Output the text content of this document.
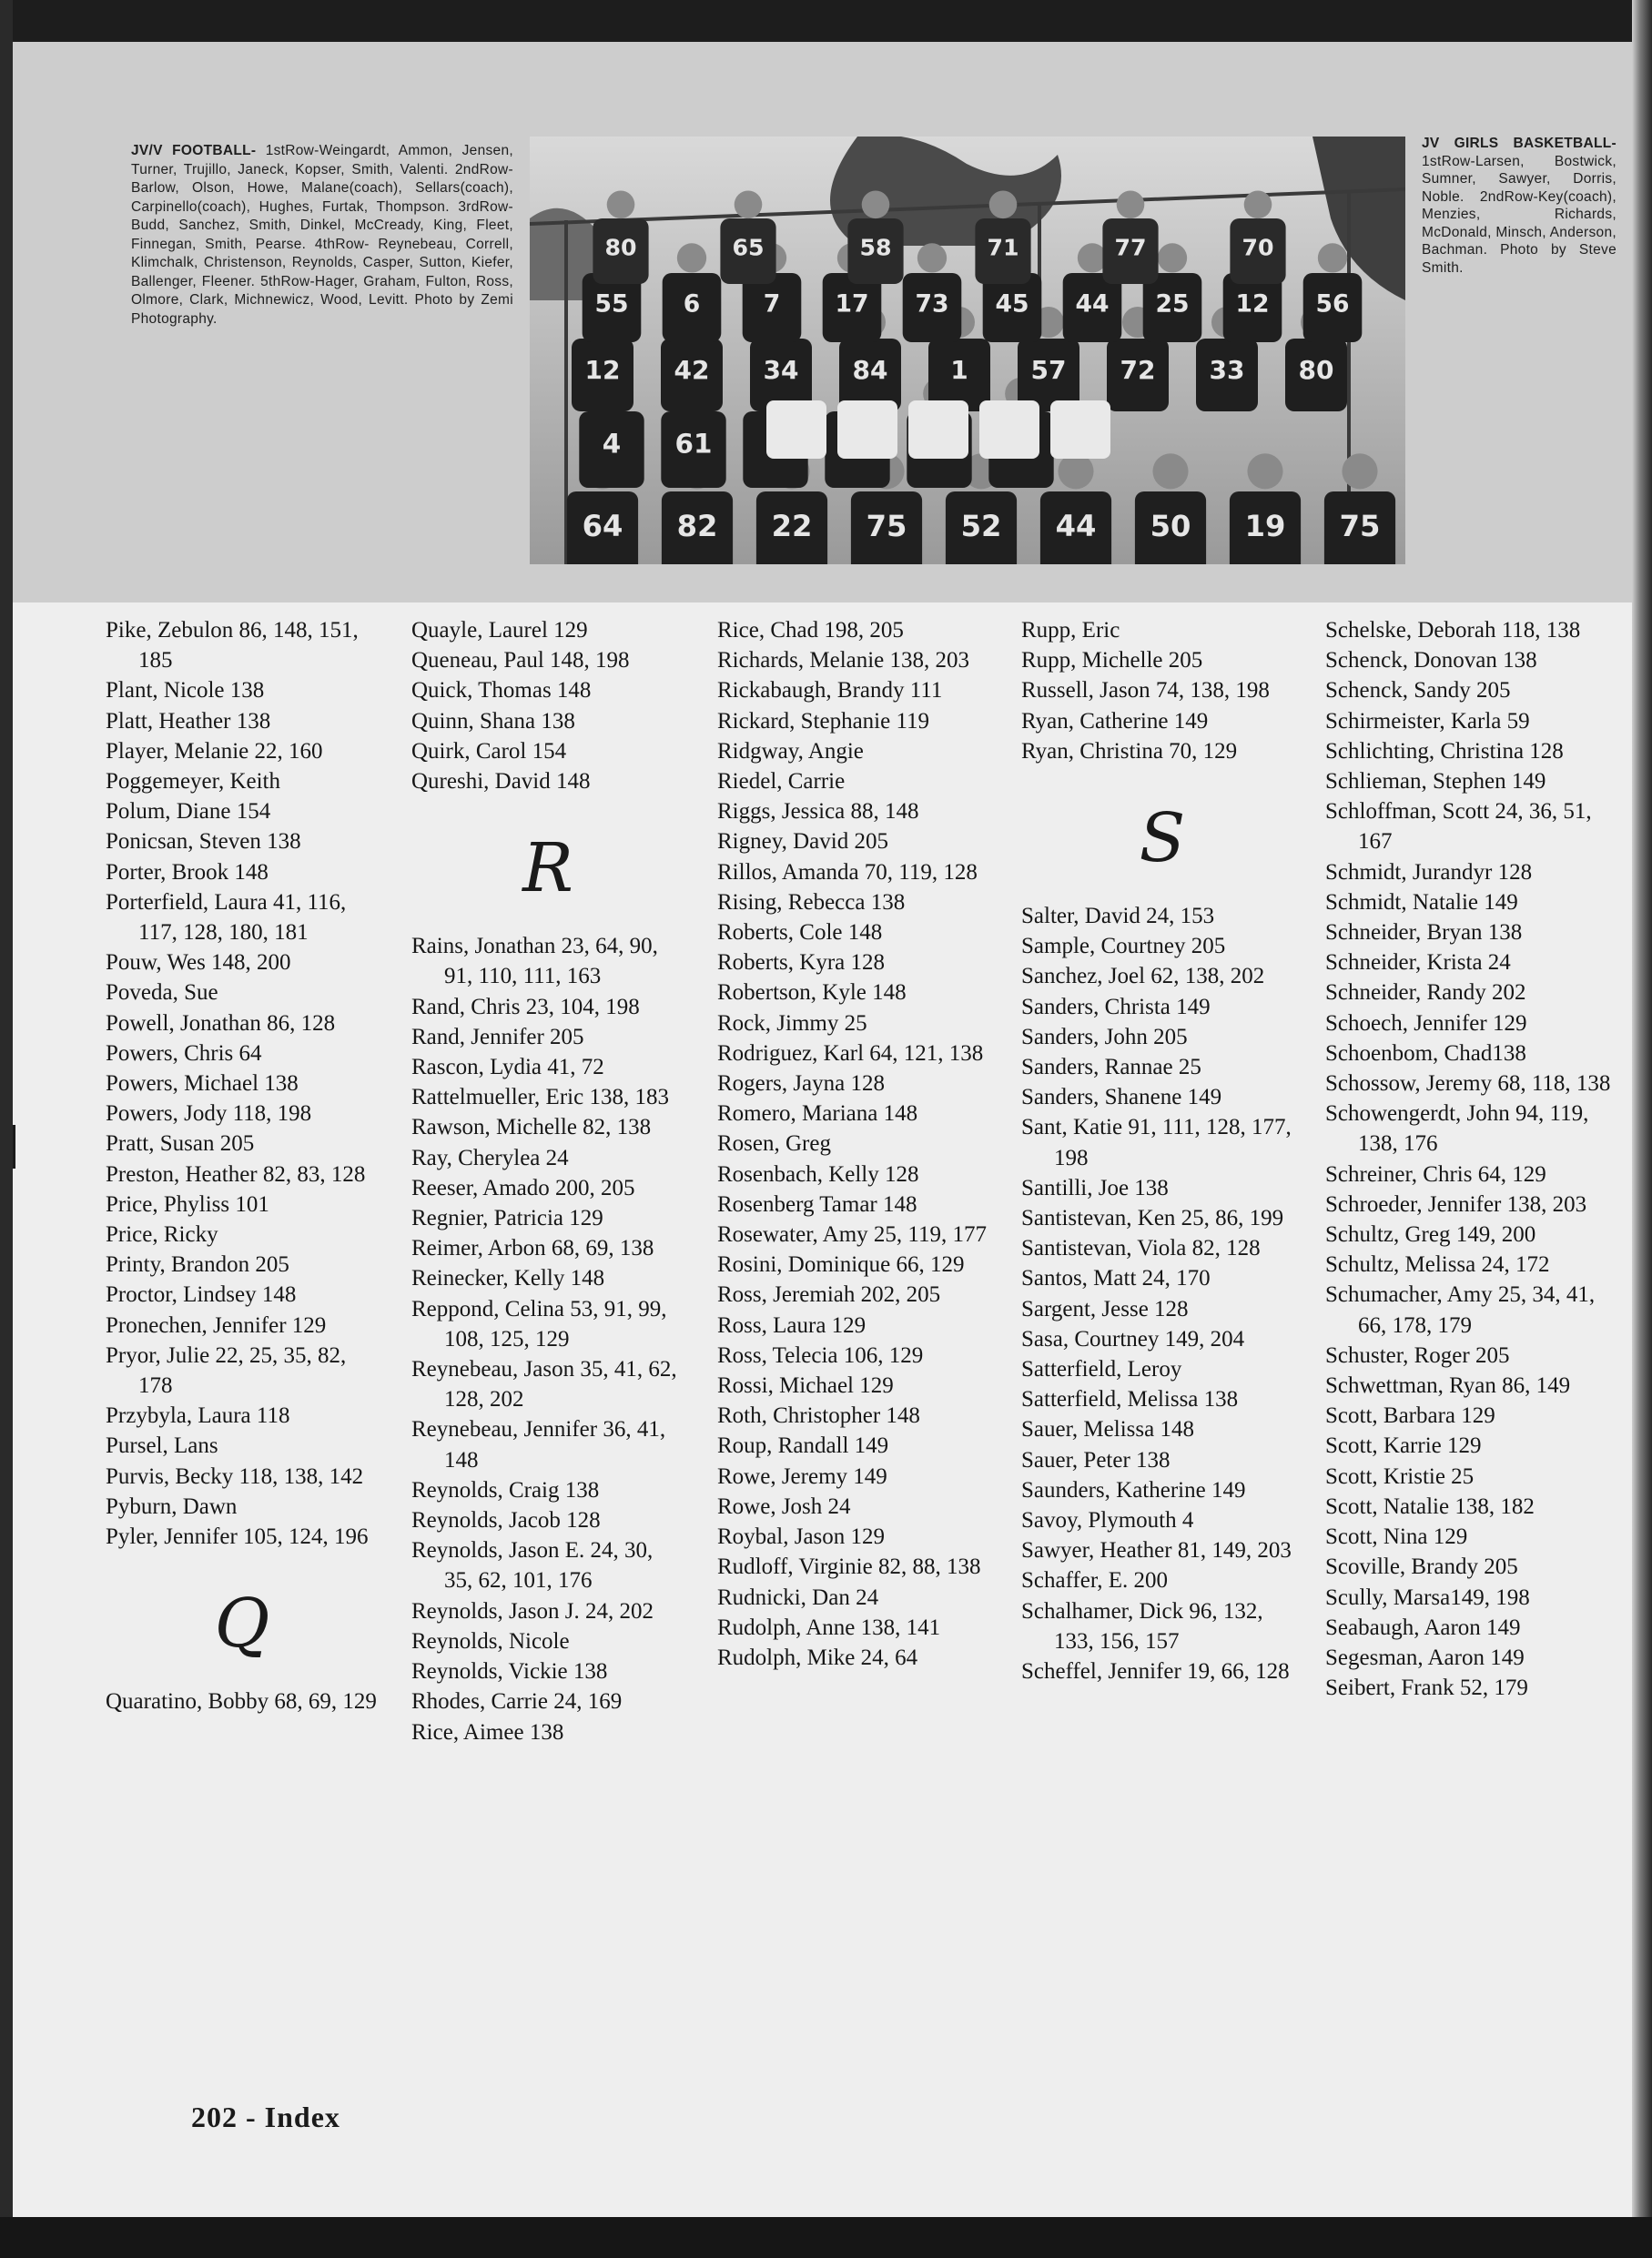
JV/V FOOTBALL- 1stRow-Weingardt, Ammon, Jensen, Turner, Trujillo, Janeck, Kopser, Smith, Valenti. 2ndRow-Barlow, Olson, Howe, Malane(coach), Sellars(coach), Carpinello(coach), Hughes, Furtak, Thompson. 3rdRow-Budd, Sanchez, Smith, Dinkel, McCready, King, Fleet, Finnegan, Smith, Pearse. 4thRow- Reynebeau, Correll, Klimchalk, Christenson, Reynolds, Casper, Sutton, Kiefer, Ballenger, Fleener. 5thRow-Hager, Graham, Fulton, Ross, Olmore, Clark, Michnewicz, Wood, Levitt. Photo by Zemi Photography.

64 82 22 75 52 44 50 19 75
4 61
12 42 34 84 1 57 72 33 80
55 6	7 17 73 45 44 25 12 56
80	65	58	71	77	70

JV GIRLS BASKETBALL- 1stRow-Larsen, Bostwick, Sumner, Sawyer, Dorris, Noble. 2ndRow-Key(coach), Menzies, Richards, McDonald, Minsch, Anderson, Bachman. Photo by Steve Smith.

Pike, Zebulon 86, 148, 151, 185
Plant, Nicole 138
Platt, Heather 138
Player, Melanie 22, 160
Poggemeyer, Keith
Polum, Diane 154
Ponicsan, Steven 138
Porter, Brook 148
Porterfield, Laura 41, 116, 117, 128, 180, 181
Pouw, Wes 148, 200
Poveda, Sue
Powell, Jonathan 86, 128
Powers, Chris 64
Powers, Michael 138
Powers, Jody 118, 198
Pratt, Susan 205
Preston, Heather 82, 83, 128
Price, Phyliss 101
Price, Ricky
Printy, Brandon 205
Proctor, Lindsey 148
Pronechen, Jennifer 129
Pryor, Julie 22, 25, 35, 82, 178
Przybyla, Laura 118
Pursel, Lans
Purvis, Becky 118, 138, 142
Pyburn, Dawn
Pyler, Jennifer 105, 124, 196
Q
Quaratino, Bobby 68, 69, 129
Quayle, Laurel 129
Queneau, Paul 148, 198
Quick, Thomas 148
Quinn, Shana 138
Quirk, Carol 154
Qureshi, David 148
R
Rains, Jonathan 23, 64, 90, 91, 110, 111, 163
Rand, Chris 23, 104, 198
Rand, Jennifer 205
Rascon, Lydia 41, 72
Rattelmueller, Eric 138, 183
Rawson, Michelle 82, 138
Ray, Cherylea 24
Reeser, Amado 200, 205
Regnier, Patricia 129
Reimer, Arbon 68, 69, 138
Reinecker, Kelly 148
Reppond, Celina 53, 91, 99, 108, 125, 129
Reynebeau, Jason 35, 41, 62, 128, 202
Reynebeau, Jennifer 36, 41, 148
Reynolds, Craig 138
Reynolds, Jacob 128
Reynolds, Jason E. 24, 30, 35, 62, 101, 176
Reynolds, Jason J. 24, 202
Reynolds, Nicole
Reynolds, Vickie 138
Rhodes, Carrie 24, 169
Rice, Aimee 138
Rice, Chad 198, 205
Richards, Melanie 138, 203
Rickabaugh, Brandy 111
Rickard, Stephanie 119
Ridgway, Angie
Riedel, Carrie
Riggs, Jessica 88, 148
Rigney, David 205
Rillos, Amanda 70, 119, 128
Rising, Rebecca 138
Roberts, Cole 148
Roberts, Kyra 128
Robertson, Kyle 148
Rock, Jimmy 25
Rodriguez, Karl 64, 121, 138
Rogers, Jayna 128
Romero, Mariana 148
Rosen, Greg
Rosenbach, Kelly 128
Rosenberg Tamar 148
Rosewater, Amy 25, 119, 177
Rosini, Dominique 66, 129
Ross, Jeremiah 202, 205
Ross, Laura 129
Ross, Telecia 106, 129
Rossi, Michael 129
Roth, Christopher 148
Roup, Randall 149
Rowe, Jeremy 149
Rowe, Josh 24
Roybal, Jason 129
Rudloff, Virginie 82, 88, 138
Rudnicki, Dan 24
Rudolph, Anne 138, 141
Rudolph, Mike 24, 64
Rupp, Eric
Rupp, Michelle 205
Russell, Jason 74, 138, 198
Ryan, Catherine 149
Ryan, Christina 70, 129
S
Salter, David 24, 153
Sample, Courtney 205
Sanchez, Joel 62, 138, 202
Sanders, Christa 149
Sanders, John 205
Sanders, Rannae 25
Sanders, Shanene 149
Sant, Katie 91, 111, 128, 177, 198
Santilli, Joe 138
Santistevan, Ken 25, 86, 199
Santistevan, Viola 82, 128
Santos, Matt 24, 170
Sargent, Jesse 128
Sasa, Courtney 149, 204
Satterfield, Leroy
Satterfield, Melissa 138
Sauer, Melissa 148
Sauer, Peter 138
Saunders, Katherine 149
Savoy, Plymouth 4
Sawyer, Heather 81, 149, 203
Schaffer, E. 200
Schalhamer, Dick 96, 132, 133, 156, 157
Scheffel, Jennifer 19, 66, 128
Schelske, Deborah 118, 138
Schenck, Donovan 138
Schenck, Sandy 205
Schirmeister, Karla 59
Schlichting, Christina 128
Schlieman, Stephen 149
Schloffman, Scott 24, 36, 51, 167
Schmidt, Jurandyr 128
Schmidt, Natalie 149
Schneider, Bryan 138
Schneider, Krista 24
Schneider, Randy 202
Schoech, Jennifer 129
Schoenbom, Chad138
Schossow, Jeremy 68, 118, 138
Schowengerdt, John 94, 119, 138, 176
Schreiner, Chris 64, 129
Schroeder, Jennifer 138, 203
Schultz, Greg 149, 200
Schultz, Melissa 24, 172
Schumacher, Amy 25, 34, 41, 66, 178, 179
Schuster, Roger 205
Schwettman, Ryan 86, 149
Scott, Barbara 129
Scott, Karrie 129
Scott, Kristie 25
Scott, Natalie 138, 182
Scott, Nina 129
Scoville, Brandy 205
Scully, Marsa149, 198
Seabaugh, Aaron 149
Segesman, Aaron 149
Seibert, Frank 52, 179
202 - Index
